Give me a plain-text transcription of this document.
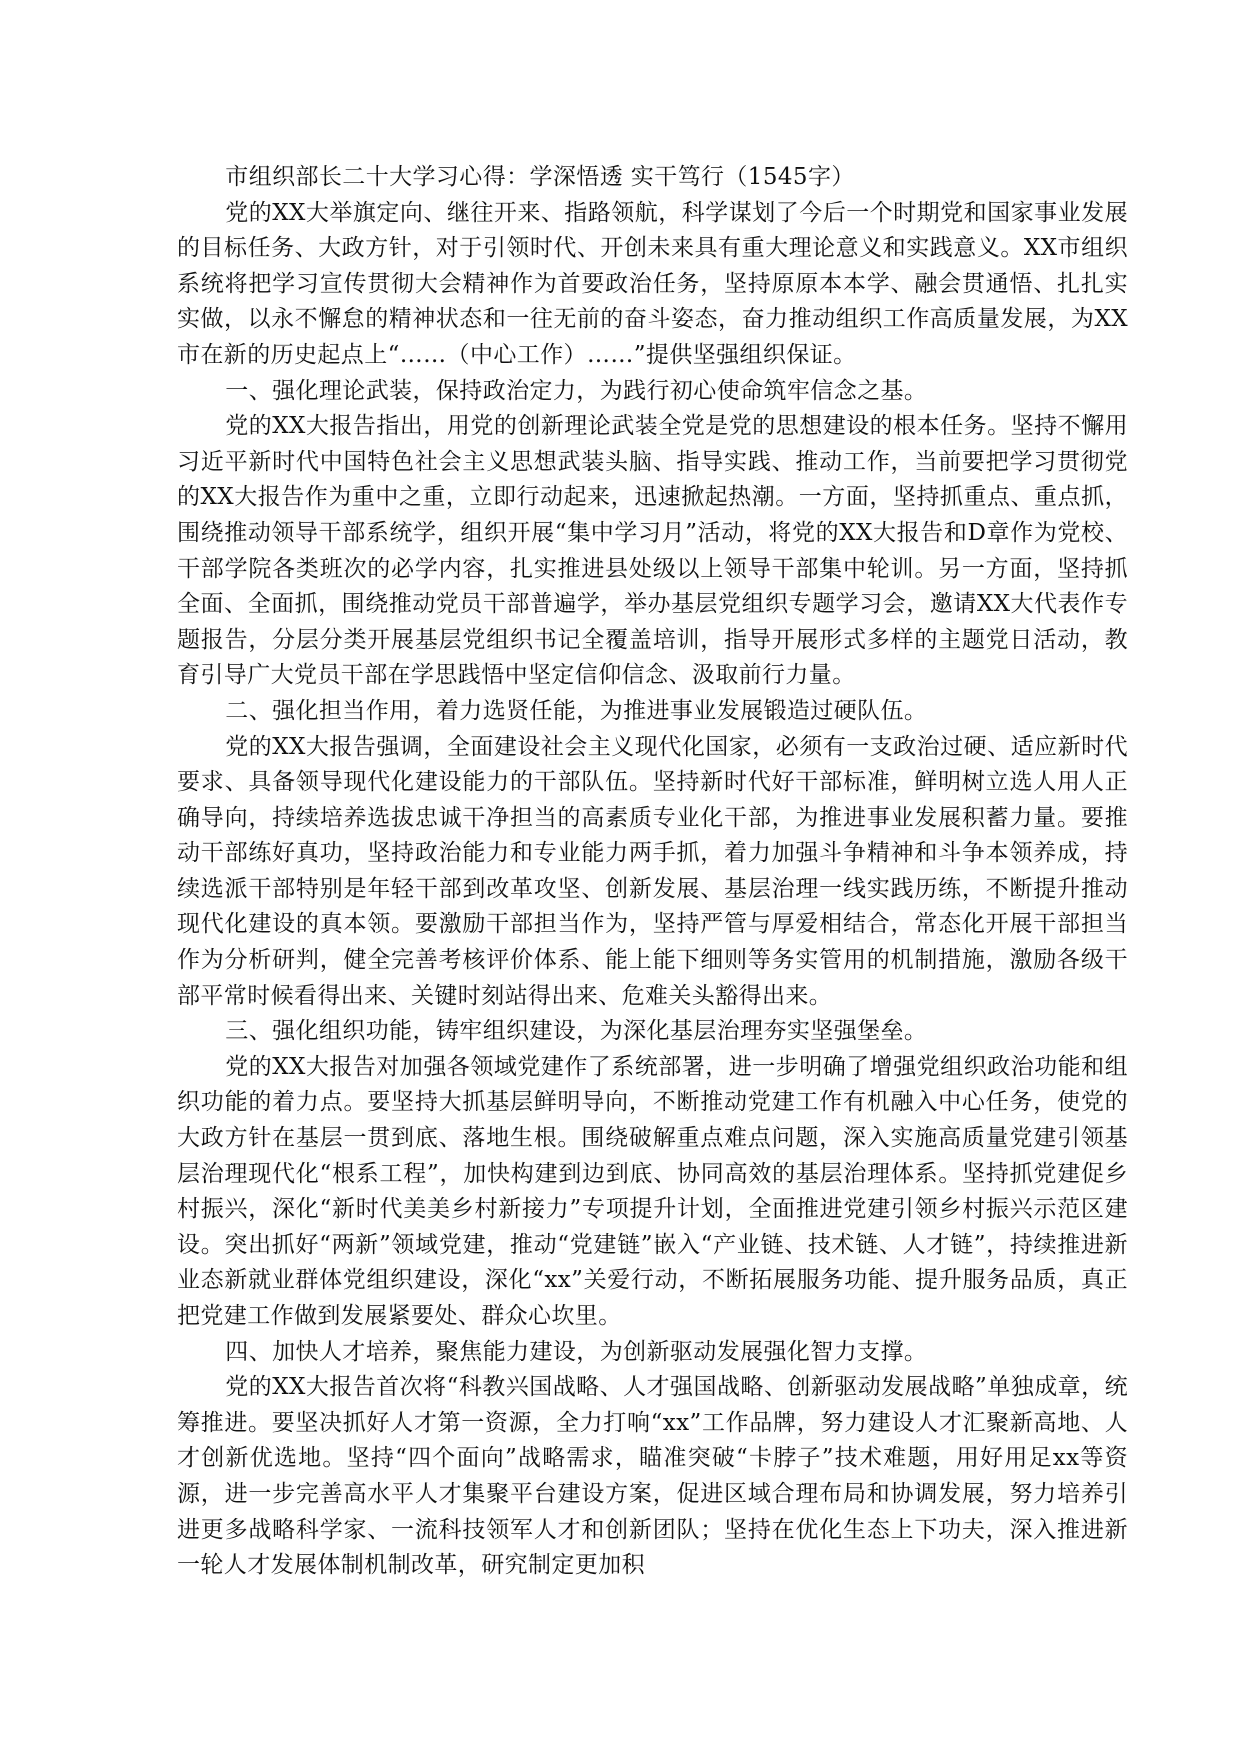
市组织部长二十大学习心得：学深悟透 实干笃行（1545字）

党的XX大举旗定向、继往开来、指路领航，科学谋划了今后一个时期党和国家事业发展的目标任务、大政方针，对于引领时代、开创未来具有重大理论意义和实践意义。XX市组织系统将把学习宣传贯彻大会精神作为首要政治任务，坚持原原本本学、融会贯通悟、扎扎实实做，以永不懈怠的精神状态和一往无前的奋斗姿态，奋力推动组织工作高质量发展，为XX市在新的历史起点上“……（中心工作）……”提供坚强组织保证。

一、强化理论武装，保持政治定力，为践行初心使命筑牢信念之基。

党的XX大报告指出，用党的创新理论武装全党是党的思想建设的根本任务。坚持不懈用习近平新时代中国特色社会主义思想武装头脑、指导实践、推动工作，当前要把学习贯彻党的XX大报告作为重中之重，立即行动起来，迅速掀起热潮。一方面，坚持抓重点、重点抓，围绕推动领导干部系统学，组织开展“集中学习月”活动，将党的XX大报告和D章作为党校、干部学院各类班次的必学内容，扎实推进县处级以上领导干部集中轮训。另一方面，坚持抓全面、全面抓，围绕推动党员干部普遍学，举办基层党组织专题学习会，邀请XX大代表作专题报告，分层分类开展基层党组织书记全覆盖培训，指导开展形式多样的主题党日活动，教育引导广大党员干部在学思践悟中坚定信仰信念、汲取前行力量。

二、强化担当作用，着力选贤任能，为推进事业发展锻造过硬队伍。

党的XX大报告强调，全面建设社会主义现代化国家，必须有一支政治过硬、适应新时代要求、具备领导现代化建设能力的干部队伍。坚持新时代好干部标准，鲜明树立选人用人正确导向，持续培养选拔忠诚干净担当的高素质专业化干部，为推进事业发展积蓄力量。要推动干部练好真功，坚持政治能力和专业能力两手抓，着力加强斗争精神和斗争本领养成，持续选派干部特别是年轻干部到改革攻坚、创新发展、基层治理一线实践历练，不断提升推动现代化建设的真本领。要激励干部担当作为，坚持严管与厚爱相结合，常态化开展干部担当作为分析研判，健全完善考核评价体系、能上能下细则等务实管用的机制措施，激励各级干部平常时候看得出来、关键时刻站得出来、危难关头豁得出来。

三、强化组织功能，铸牢组织建设，为深化基层治理夯实坚强堡垒。

党的XX大报告对加强各领域党建作了系统部署，进一步明确了增强党组织政治功能和组织功能的着力点。要坚持大抓基层鲜明导向，不断推动党建工作有机融入中心任务，使党的大政方针在基层一贯到底、落地生根。围绕破解重点难点问题，深入实施高质量党建引领基层治理现代化“根系工程”，加快构建到边到底、协同高效的基层治理体系。坚持抓党建促乡村振兴，深化“新时代美美乡村新接力”专项提升计划，全面推进党建引领乡村振兴示范区建设。突出抓好“两新”领域党建，推动“党建链”嵌入“产业链、技术链、人才链”，持续推进新业态新就业群体党组织建设，深化“xx”关爱行动，不断拓展服务功能、提升服务品质，真正把党建工作做到发展紧要处、群众心坎里。

四、加快人才培养，聚焦能力建设，为创新驱动发展强化智力支撑。

党的XX大报告首次将“科教兴国战略、人才强国战略、创新驱动发展战略”单独成章，统筹推进。要坚决抓好人才第一资源，全力打响“xx”工作品牌，努力建设人才汇聚新高地、人才创新优选地。坚持“四个面向”战略需求，瞄准突破“卡脖子”技术难题，用好用足xx等资源，进一步完善高水平人才集聚平台建设方案，促进区域合理布局和协调发展，努力培养引进更多战略科学家、一流科技领军人才和创新团队；坚持在优化生态上下功夫，深入推进新一轮人才发展体制机制改革，研究制定更加积
